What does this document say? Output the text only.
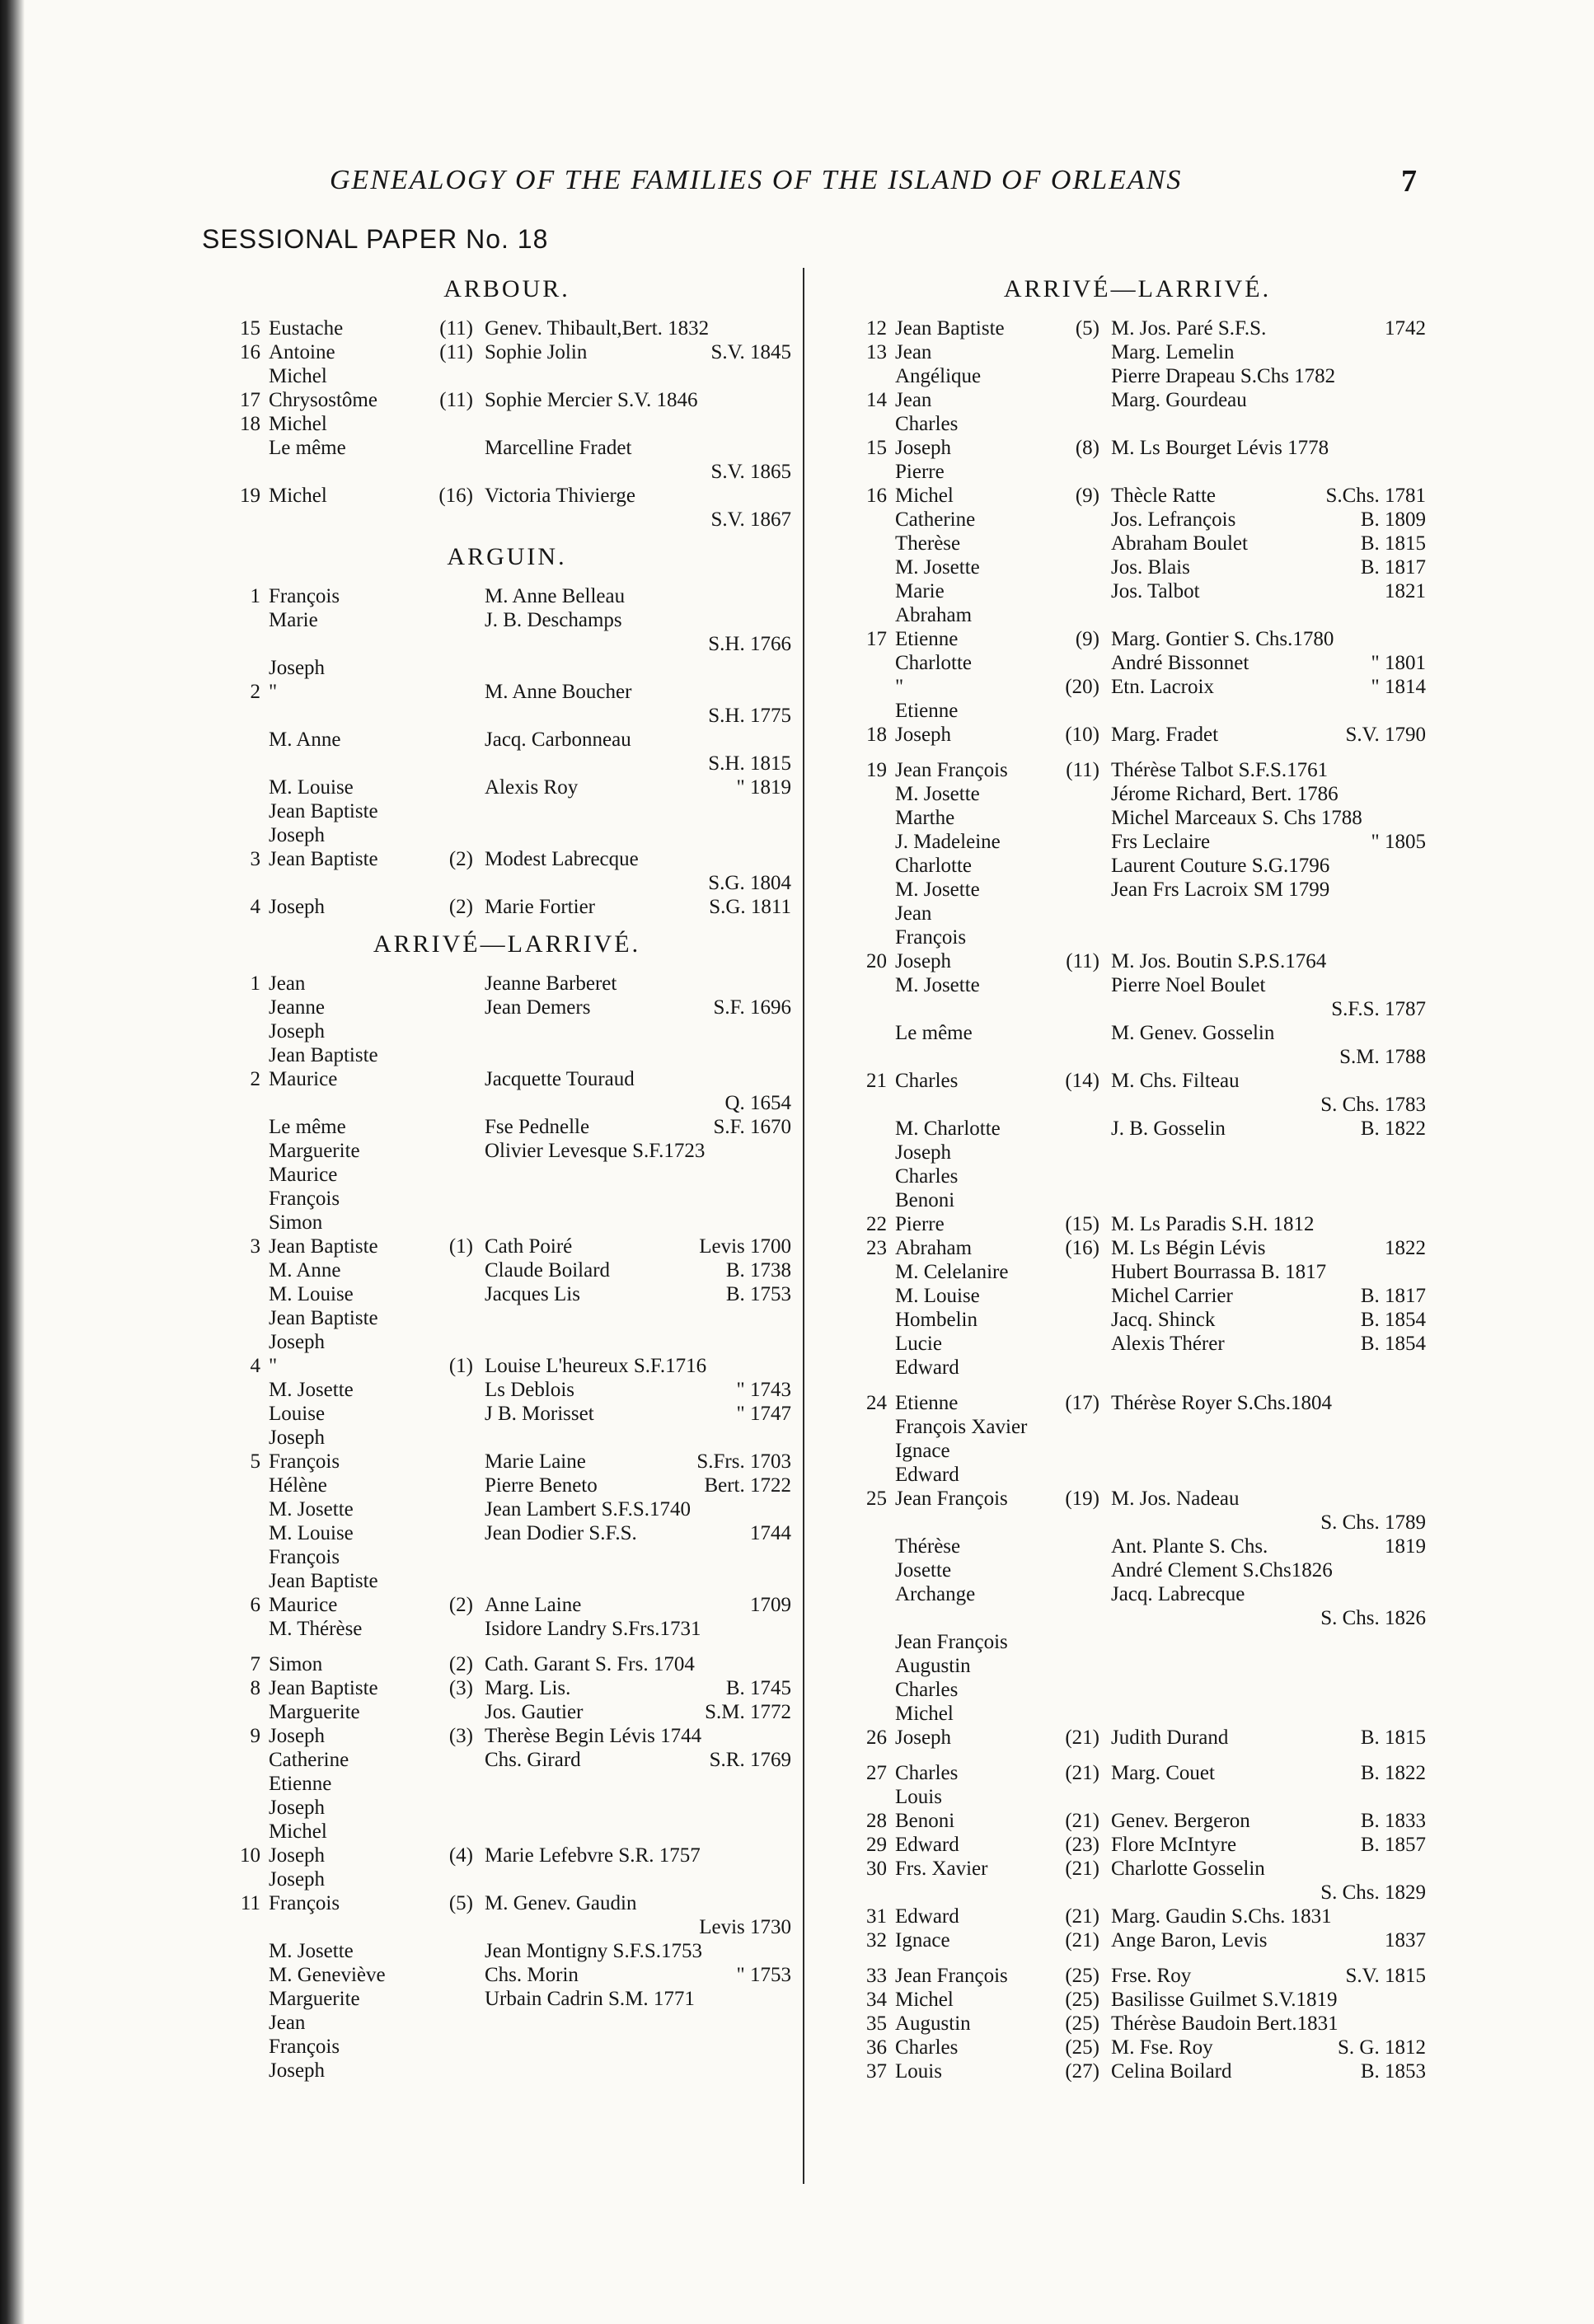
GENEALOGY OF THE FAMILIES OF THE ISLAND OF ORLEANS	7
SESSIONAL PAPER No. 18
ARBOUR.
15 Eustache	(11) Genev. Thibault,Bert. 1832
16 Antoine	(11) Sophie Jolin	S.V. 1845
Michel
17 Chrysostôme	(11) Sophie Mercier S.V. 1846
18 Michel
Le même	Marcelline Fradet
S.V. 1865
19 Michel	(16) Victoria Thivierge
S.V. 1867
ARGUIN.
1 François	M. Anne Belleau
Marie	J. B. Deschamps
S.H. 1766
Joseph
2 "	M. Anne Boucher
S.H. 1775
M. Anne	Jacq. Carbonneau
S.H. 1815
M. Louise	Alexis Roy	" 1819
Jean Baptiste
Joseph
3 Jean Baptiste	(2) Modest Labrecque
S.G. 1804
4 Joseph	(2) Marie Fortier	S.G. 1811
ARRIVÉ—LARRIVÉ.
1 Jean	Jeanne Barberet
Jeanne	Jean Demers	S.F. 1696
Joseph
Jean Baptiste
2 Maurice	Jacquette Touraud
Q. 1654
Le même	Fse Pednelle	S.F. 1670
Marguerite	Olivier Levesque S.F.1723
Maurice
François
Simon
3 Jean Baptiste	(1) Cath Poiré	Levis 1700
M. Anne	Claude Boilard	B. 1738
M. Louise	Jacques Lis	B. 1753
Jean Baptiste
Joseph
4 "	(1) Louise L'heureux S.F.1716
M. Josette	Ls Deblois	" 1743
Louise	J B. Morisset	" 1747
Joseph
5 François	Marie Laine	S.Frs. 1703
Hélène	Pierre Beneto	Bert. 1722
M. Josette	Jean Lambert S.F.S.1740
M. Louise	Jean Dodier S.F.S.	1744
François
Jean Baptiste
6 Maurice	(2) Anne Laine	1709
M. Thérèse	Isidore Landry S.Frs.1731
7 Simon	(2) Cath. Garant S. Frs. 1704
8 Jean Baptiste	(3) Marg. Lis.	B. 1745
Marguerite	Jos. Gautier	S.M. 1772
9 Joseph	(3) Therèse Begin Lévis 1744
Catherine	Chs. Girard	S.R. 1769
Etienne
Joseph
Michel
10 Joseph	(4) Marie Lefebvre S.R. 1757
Joseph
11 François	(5) M. Genev. Gaudin
Levis 1730
M. Josette	Jean Montigny S.F.S.1753
M. Geneviève	Chs. Morin	" 1753
Marguerite	Urbain Cadrin S.M. 1771
Jean
François
Joseph
ARRIVÉ—LARRIVÉ.
12 Jean Baptiste	(5) M. Jos. Paré S.F.S.	1742
13 Jean	Marg. Lemelin
Angélique	Pierre Drapeau S.Chs 1782
14 Jean	Marg. Gourdeau
Charles
15 Joseph	(8) M. Ls Bourget Lévis 1778
Pierre
16 Michel	(9) Thècle Ratte	S.Chs. 1781
Catherine	Jos. Lefrançois	B. 1809
Therèse	Abraham Boulet	B. 1815
M. Josette	Jos. Blais	B. 1817
Marie	Jos. Talbot	1821
Abraham
17 Etienne	(9) Marg. Gontier S. Chs.1780
Charlotte	André Bissonnet	" 1801
"	(20) Etn. Lacroix	" 1814
Etienne
18 Joseph	(10) Marg. Fradet	S.V. 1790
19 Jean François	(11) Thérèse Talbot S.F.S.1761
M. Josette	Jérome Richard, Bert. 1786
Marthe	Michel Marceaux S. Chs 1788
J. Madeleine	Frs Leclaire	" 1805
Charlotte	Laurent Couture S.G.1796
M. Josette	Jean Frs Lacroix SM 1799
Jean
François
20 Joseph	(11) M. Jos. Boutin S.P.S.1764
M. Josette	Pierre Noel Boulet
S.F.S. 1787
Le même	M. Genev. Gosselin
S.M. 1788
21 Charles	(14) M. Chs. Filteau
S. Chs. 1783
M. Charlotte	J. B. Gosselin	B. 1822
Joseph
Charles
Benoni
22 Pierre	(15) M. Ls Paradis S.H. 1812
23 Abraham	(16) M. Ls Bégin Lévis	1822
M. Celelanire	Hubert Bourrassa B. 1817
M. Louise	Michel Carrier	B. 1817
Hombelin	Jacq. Shinck	B. 1854
Lucie	Alexis Thérer	B. 1854
Edward
24 Etienne	(17) Thérèse Royer S.Chs.1804
François Xavier
Ignace
Edward
25 Jean François	(19) M. Jos. Nadeau
S. Chs. 1789
Thérèse	Ant. Plante S. Chs.	1819
Josette	André Clement S.Chs1826
Archange	Jacq. Labrecque
S. Chs. 1826
Jean François
Augustin
Charles
Michel
26 Joseph	(21) Judith Durand	B. 1815
27 Charles	(21) Marg. Couet	B. 1822
Louis
28 Benoni	(21) Genev. Bergeron	B. 1833
29 Edward	(23) Flore McIntyre	B. 1857
30 Frs. Xavier	(21) Charlotte Gosselin
S. Chs. 1829
31 Edward	(21) Marg. Gaudin S.Chs. 1831
32 Ignace	(21) Ange Baron, Levis	1837
33 Jean François	(25) Frse. Roy	S.V. 1815
34 Michel	(25) Basilisse Guilmet S.V.1819
35 Augustin	(25) Thérèse Baudoin Bert.1831
36 Charles	(25) M. Fse. Roy	S. G. 1812
37 Louis	(27) Celina Boilard	B. 1853
